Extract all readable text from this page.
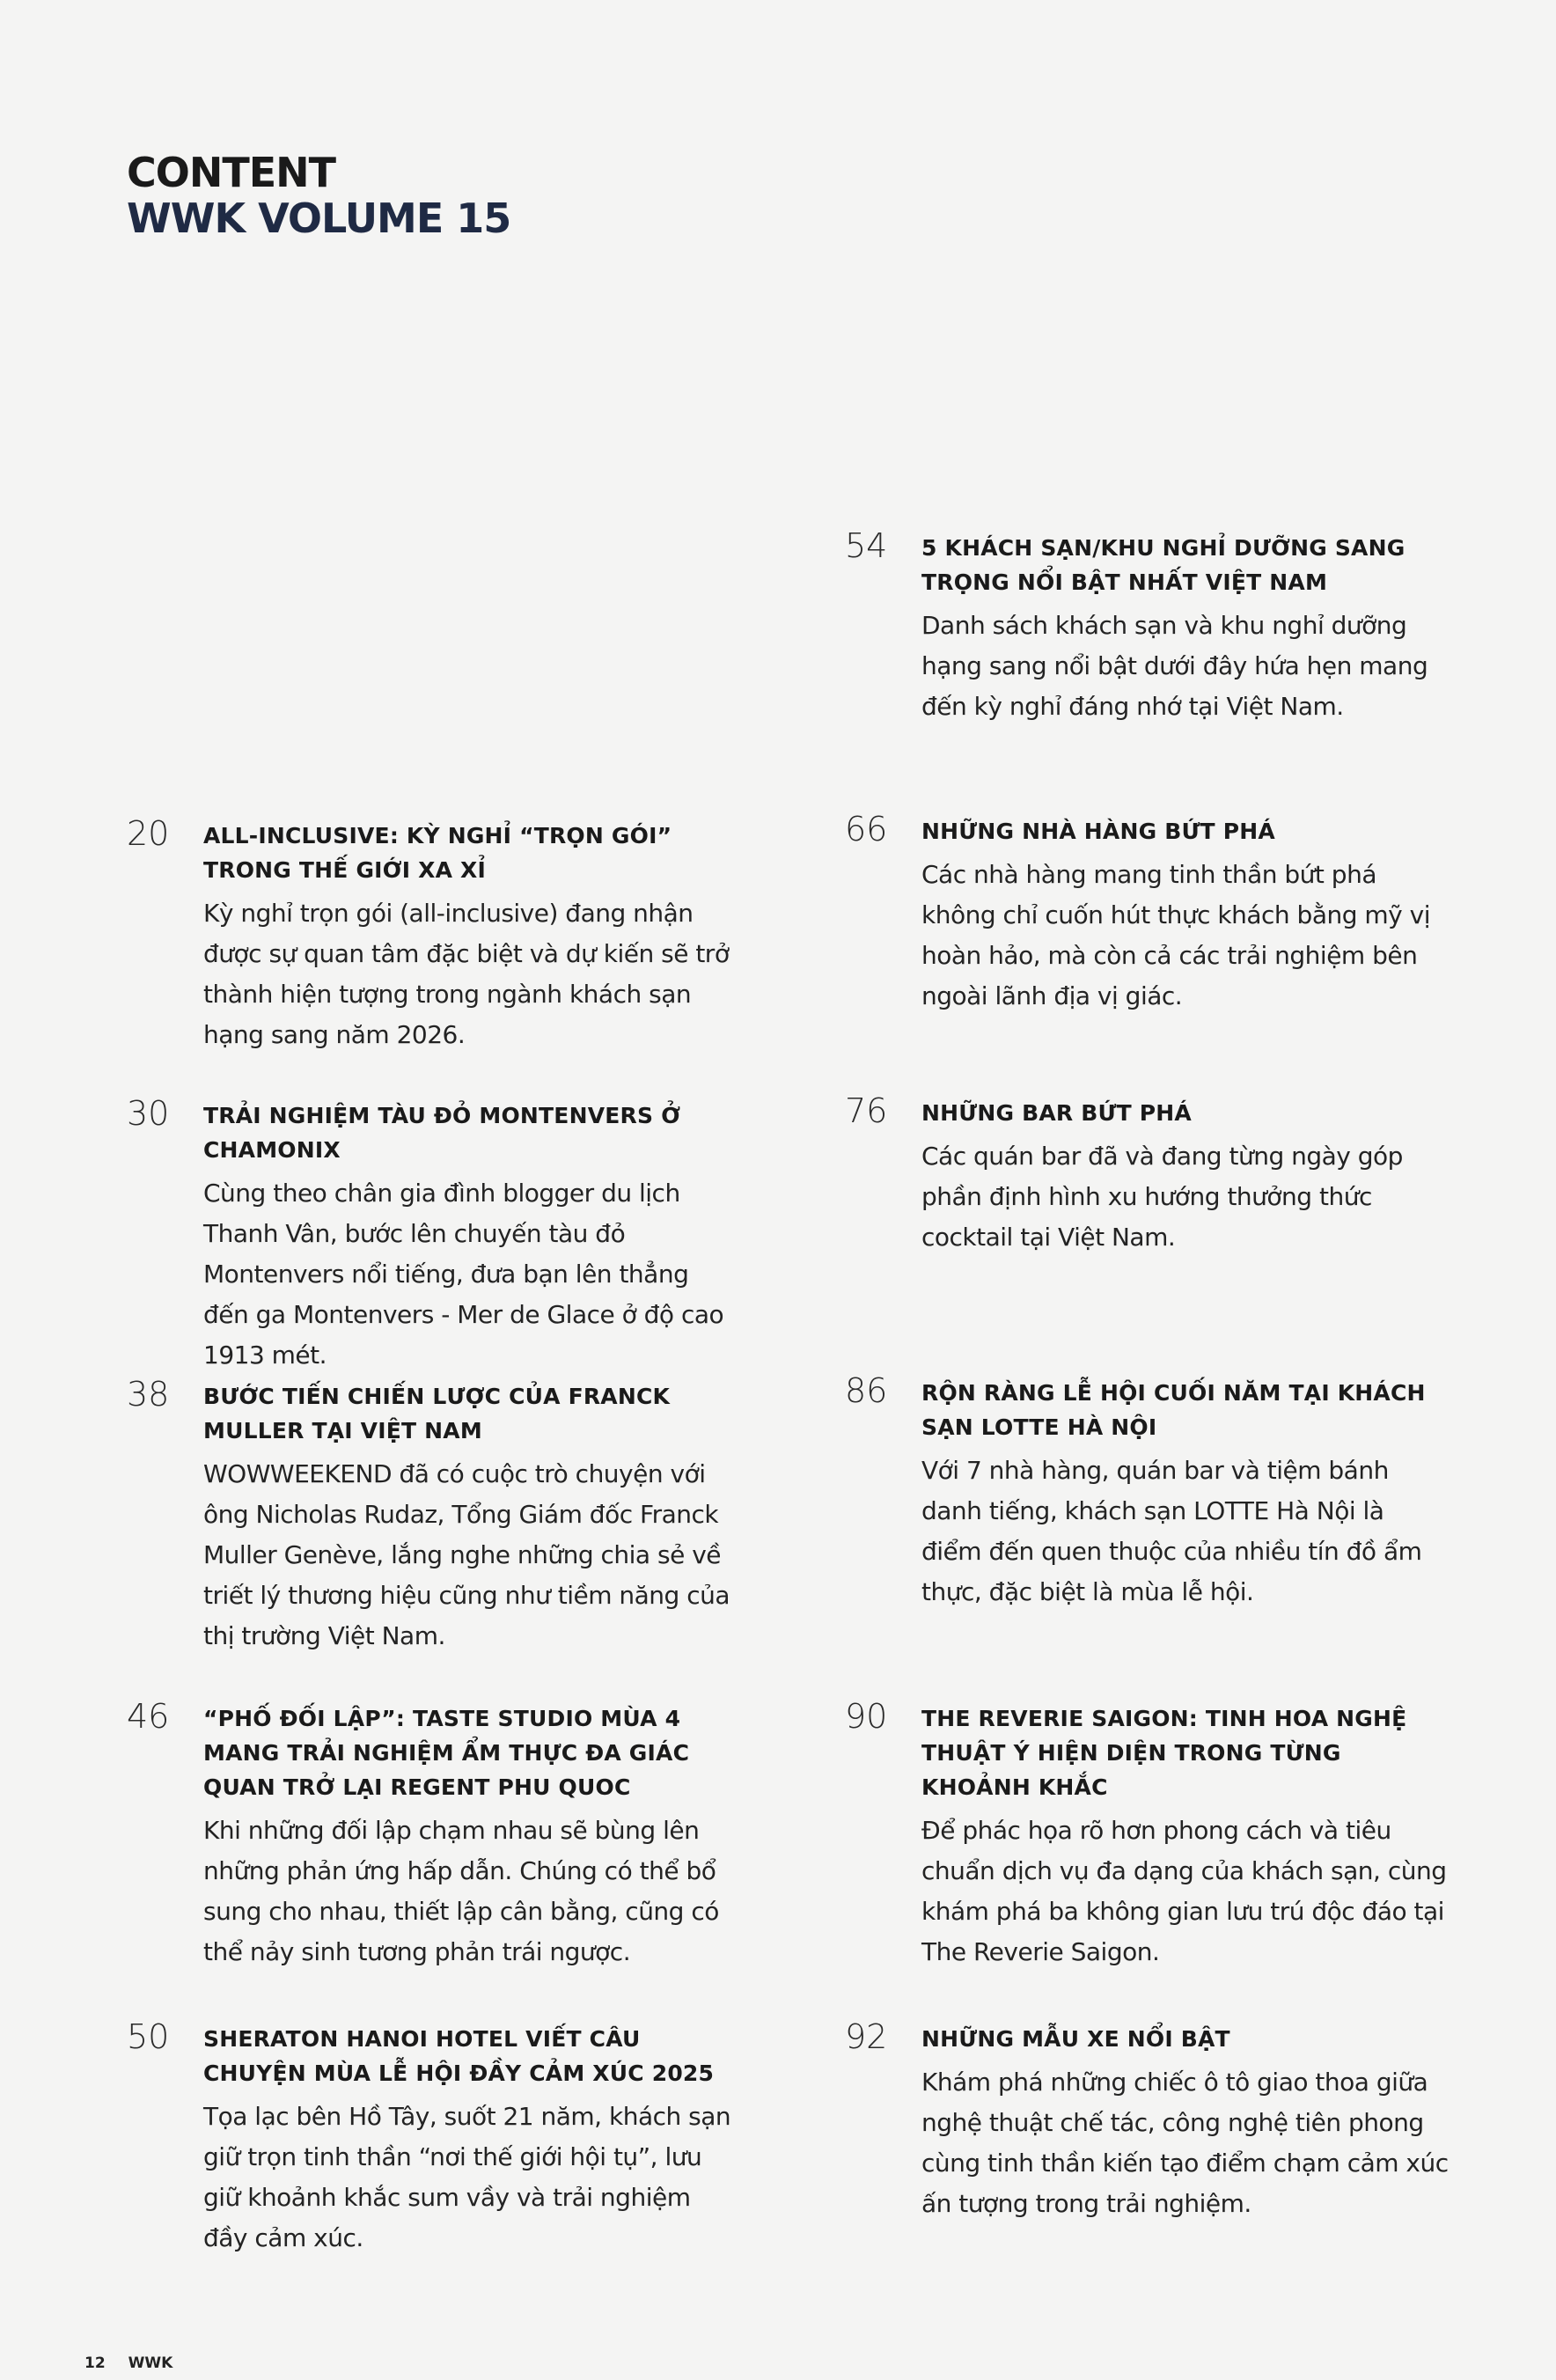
CONTENT
WWK VOLUME 15
20	ALL-INCLUSIVE: KỲ NGHỈ “TRỌN GÓI” TRONG THẾ GIỚI XA XỈ
Kỳ nghỉ trọn gói (all-inclusive) đang nhận được sự quan tâm đặc biệt và dự kiến sẽ trở thành hiện tượng trong ngành khách sạn hạng sang năm 2026.
30	TRẢI NGHIỆM TÀU ĐỎ MONTENVERS Ở CHAMONIX
Cùng theo chân gia đình blogger du lịch Thanh Vân, bước lên chuyến tàu đỏ Montenvers nổi tiếng, đưa bạn lên thẳng đến ga Montenvers - Mer de Glace ở độ cao 1913 mét.
38	BƯỚC TIẾN CHIẾN LƯỢC CỦA FRANCK MULLER TẠI VIỆT NAM
WOWWEEKEND đã có cuộc trò chuyện với ông Nicholas Rudaz, Tổng Giám đốc Franck Muller Genève, lắng nghe những chia sẻ về triết lý thương hiệu cũng như tiềm năng của thị trường Việt Nam.
46	“PHỐ ĐỐI LẬP”: TASTE STUDIO MÙA 4 MANG TRẢI NGHIỆM ẨM THỰC ĐA GIÁC QUAN TRỞ LẠI REGENT PHU QUOC
Khi những đối lập chạm nhau sẽ bùng lên những phản ứng hấp dẫn. Chúng có thể bổ sung cho nhau, thiết lập cân bằng, cũng có thể nảy sinh tương phản trái ngược.
50	SHERATON HANOI HOTEL VIẾT CÂU CHUYỆN MÙA LỄ HỘI ĐẦY CẢM XÚC 2025
Tọa lạc bên Hồ Tây, suốt 21 năm, khách sạn giữ trọn tinh thần “nơi thế giới hội tụ”, lưu giữ khoảnh khắc sum vầy và trải nghiệm đầy cảm xúc.
54	5 KHÁCH SẠN/KHU NGHỈ DƯỠNG SANG TRỌNG NỔI BẬT NHẤT VIỆT NAM
Danh sách khách sạn và khu nghỉ dưỡng hạng sang nổi bật dưới đây hứa hẹn mang đến kỳ nghỉ đáng nhớ tại Việt Nam.
66	NHỮNG NHÀ HÀNG BỨT PHÁ
Các nhà hàng mang tinh thần bứt phá không chỉ cuốn hút thực khách bằng mỹ vị hoàn hảo, mà còn cả các trải nghiệm bên ngoài lãnh địa vị giác.
76	NHỮNG BAR BỨT PHÁ
Các quán bar đã và đang từng ngày góp phần định hình xu hướng thưởng thức cocktail tại Việt Nam.
86	RỘN RÀNG LỄ HỘI CUỐI NĂM TẠI KHÁCH SẠN LOTTE HÀ NỘI
Với 7 nhà hàng, quán bar và tiệm bánh danh tiếng, khách sạn LOTTE Hà Nội là điểm đến quen thuộc của nhiều tín đồ ẩm thực, đặc biệt là mùa lễ hội.
90	THE REVERIE SAIGON: TINH HOA NGHỆ THUẬT Ý HIỆN DIỆN TRONG TỪNG KHOẢNH KHẮC
Để phác họa rõ hơn phong cách và tiêu chuẩn dịch vụ đa dạng của khách sạn, cùng khám phá ba không gian lưu trú độc đáo tại The Reverie Saigon.
92	NHỮNG MẪU XE NỔI BẬT
Khám phá những chiếc ô tô giao thoa giữa nghệ thuật chế tác, công nghệ tiên phong cùng tinh thần kiến tạo điểm chạm cảm xúc ấn tượng trong trải nghiệm.
12 WWK
